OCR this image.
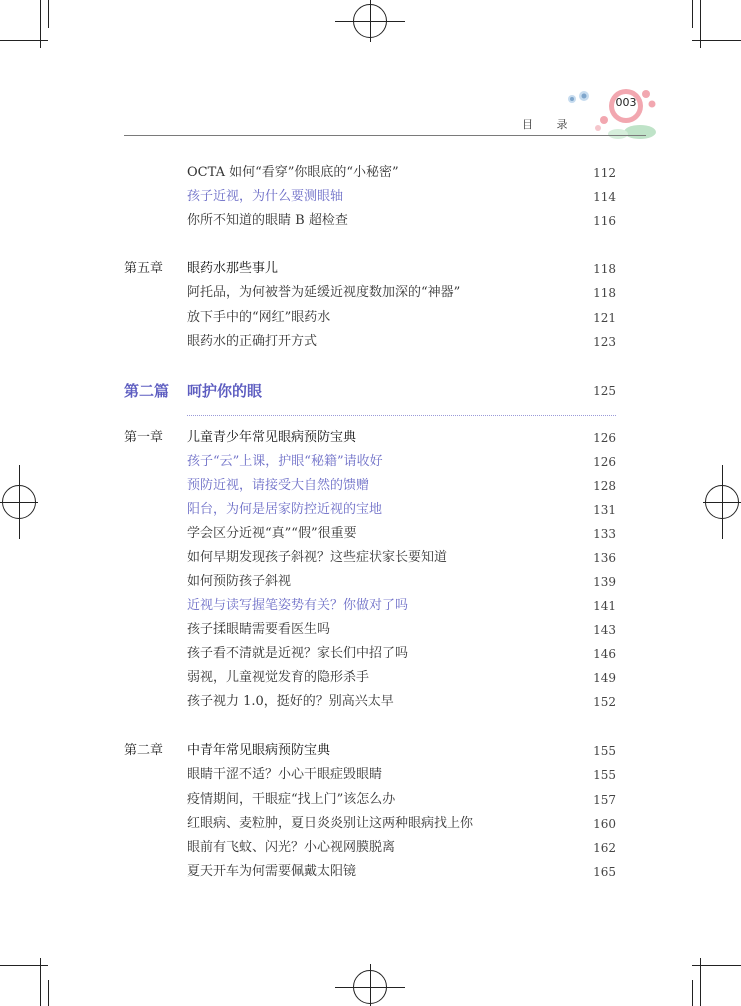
目 录
003
OCTA 如何“看穿”你眼底的“小秘密”	112
孩子近视，为什么要测眼轴	114
你所不知道的眼睛 B 超检查	116
第五章 眼药水那些事儿	118
阿托品，为何被誉为延缓近视度数加深的“神器”	118
放下手中的“网红”眼药水	121
眼药水的正确打开方式	123
第二篇 呵护你的眼	125
第一章 儿童青少年常见眼病预防宝典	126
孩子“云”上课，护眼“秘籍”请收好	126
预防近视，请接受大自然的馈赠	128
阳台，为何是居家防控近视的宝地	131
学会区分近视“真”“假”很重要	133
如何早期发现孩子斜视？这些症状家长要知道	136
如何预防孩子斜视	139
近视与读写握笔姿势有关？你做对了吗	141
孩子揉眼睛需要看医生吗	143
孩子看不清就是近视？家长们中招了吗	146
弱视，儿童视觉发育的隐形杀手	149
孩子视力 1.0，挺好的？别高兴太早	152
第二章 中青年常见眼病预防宝典	155
眼睛干涩不适？小心干眼症毁眼睛	155
疫情期间，干眼症“找上门”该怎么办	157
红眼病、麦粒肿，夏日炎炎别让这两种眼病找上你	160
眼前有飞蚊、闪光？小心视网膜脱离	162
夏天开车为何需要佩戴太阳镜	165
